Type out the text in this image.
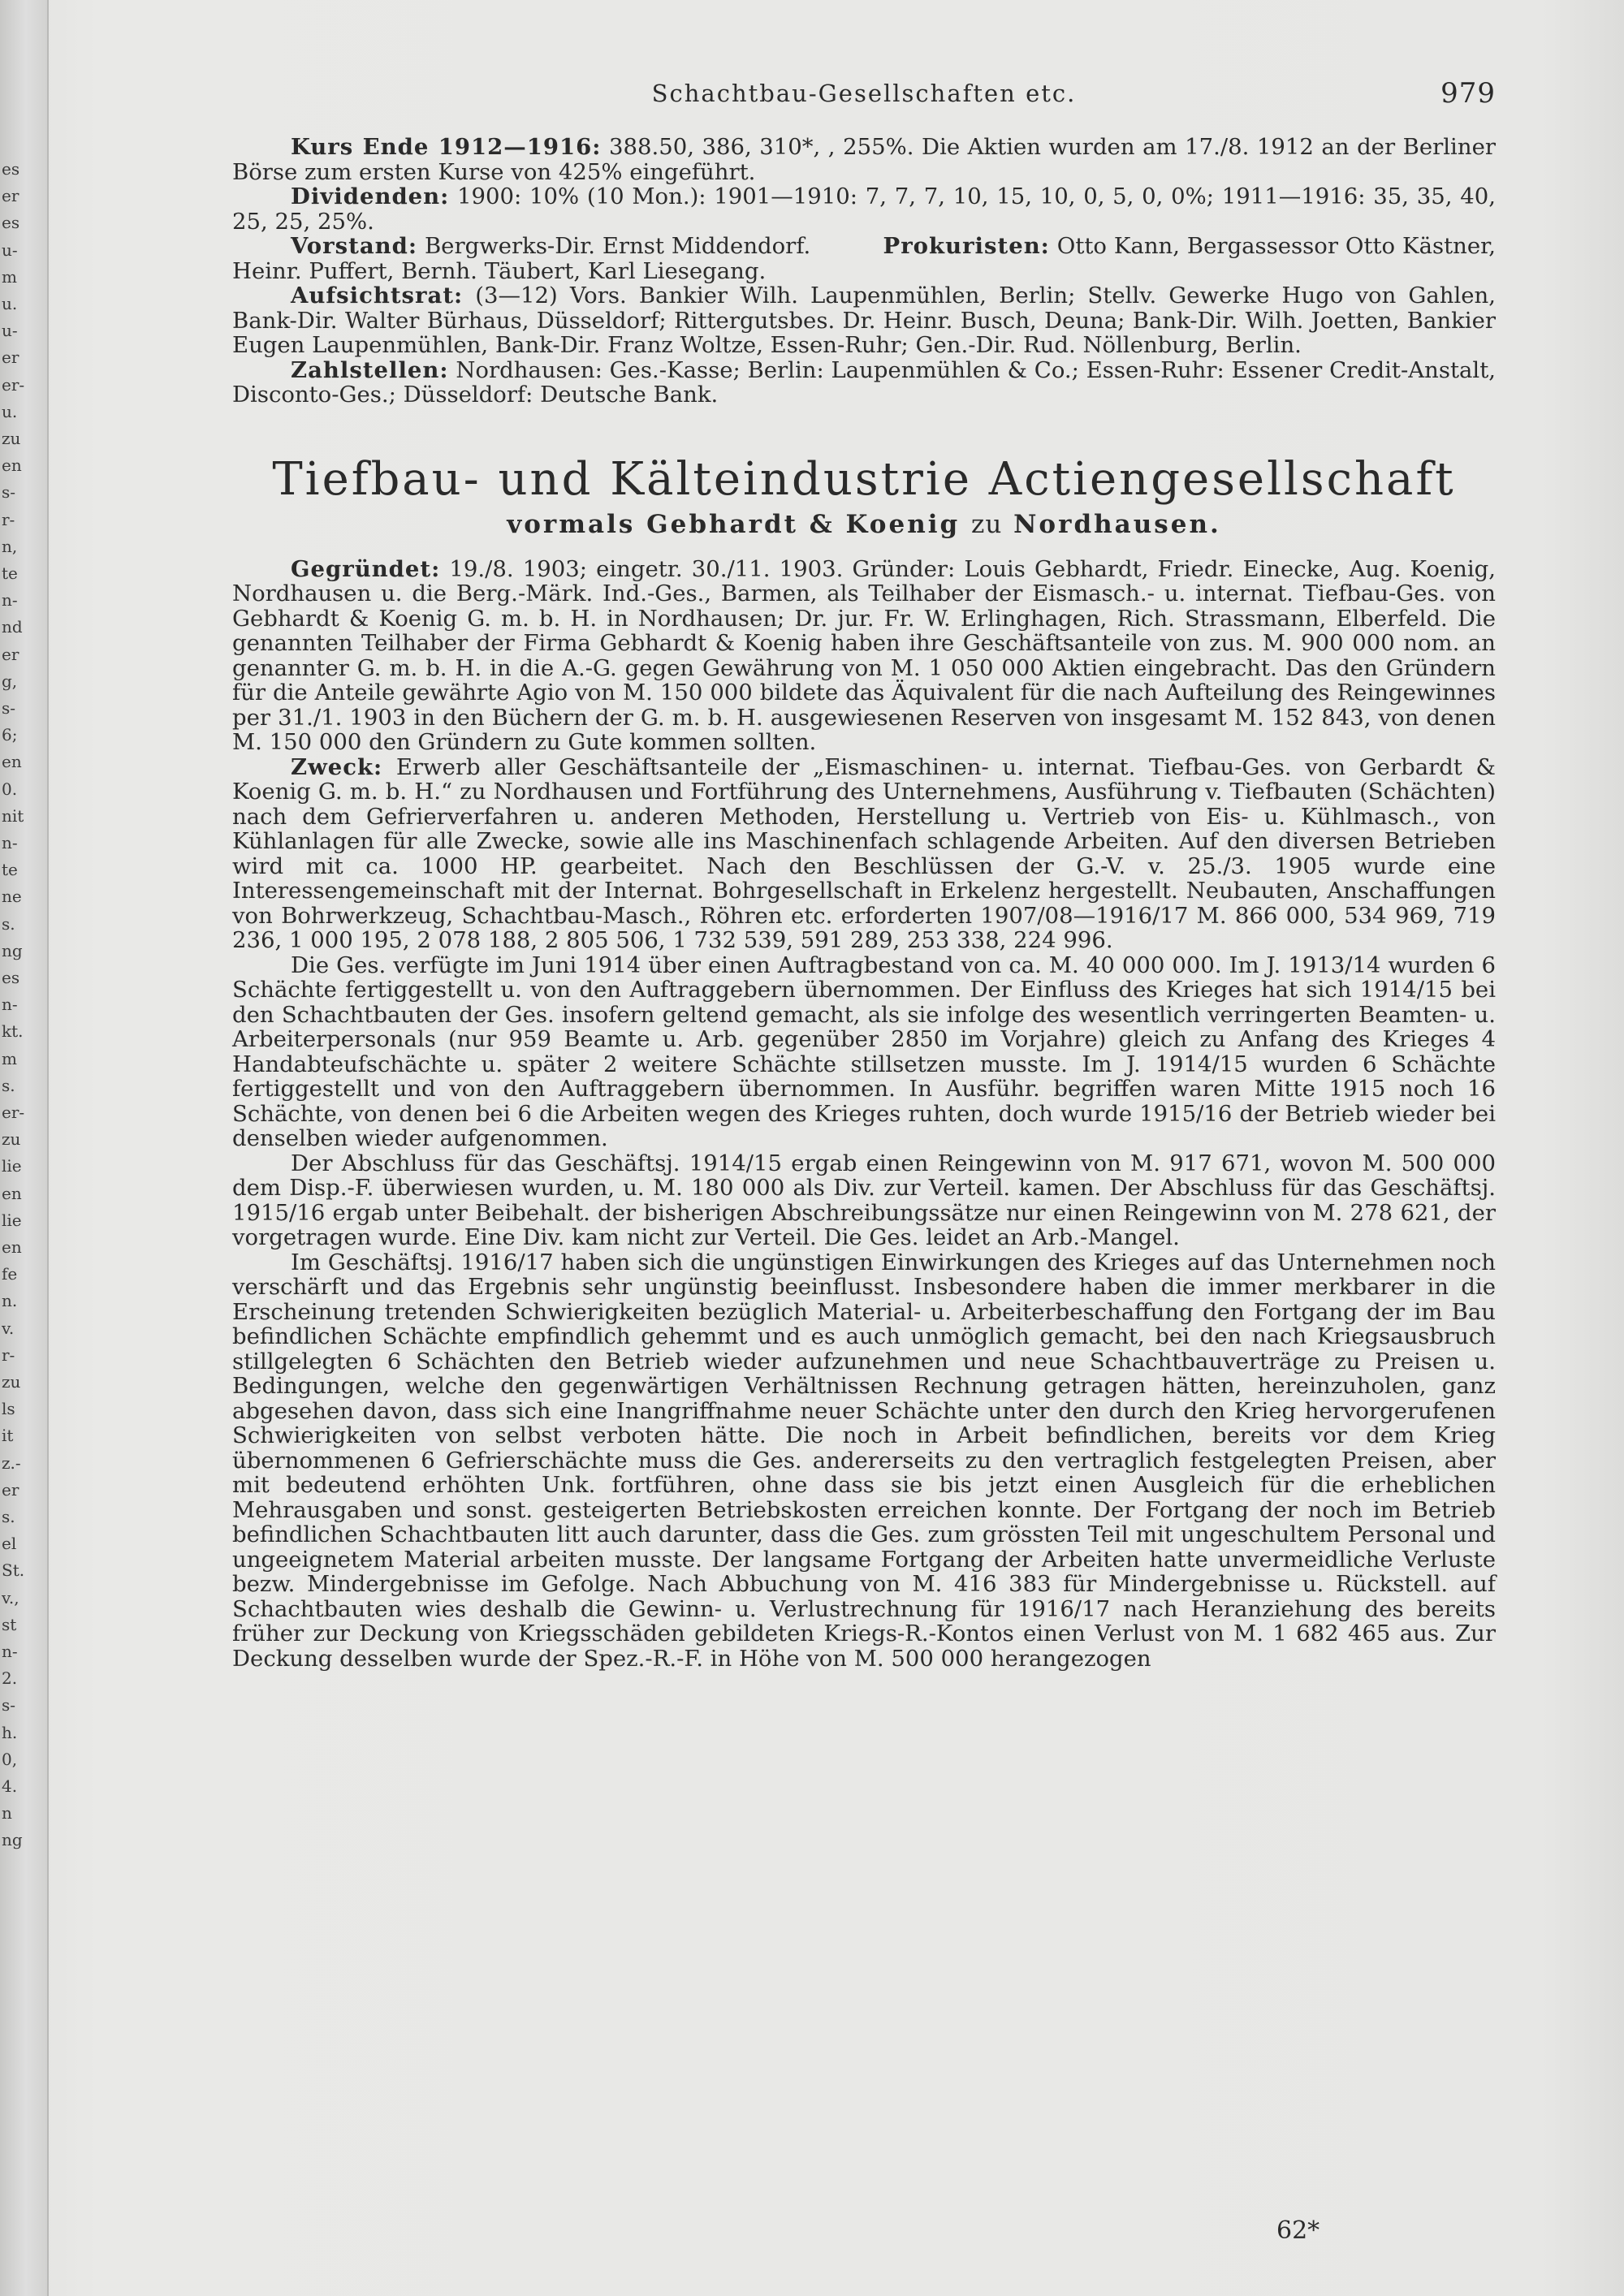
es
er
es
u-
m
u.
u-
er
er-
u.
zu
en
s-
r-
n,
te
n-
nd
er
g,
s-
6;
en
0.
nit
n-
te
ne
s.
ng
es
n-
kt.
m
s.
er-
zu
lie
en
lie
en
fe
n.
v.
r-
zu
ls
it
z.-
er
s.
el
St.
v.,
st
n-
2.
s-
h.
0,
4.
n
ng
Schachtbau-Gesellschaften etc.	979

Kurs Ende 1912—1916: 388.50, 386, 310*, , 255%. Die Aktien wurden am 17./8. 1912 an der Berliner Börse zum ersten Kurse von 425% eingeführt.

Dividenden: 1900: 10% (10 Mon.): 1901—1910: 7, 7, 7, 10, 15, 10, 0, 5, 0, 0%; 1911—1916: 35, 35, 40, 25, 25, 25%.

Vorstand: Bergwerks-Dir. Ernst Middendorf.	Prokuristen: Otto Kann, Bergassessor Otto Kästner, Heinr. Puffert, Bernh. Täubert, Karl Liesegang.

Aufsichtsrat: (3—12) Vors. Bankier Wilh. Laupenmühlen, Berlin; Stellv. Gewerke Hugo von Gahlen, Bank-Dir. Walter Bürhaus, Düsseldorf; Rittergutsbes. Dr. Heinr. Busch, Deuna; Bank-Dir. Wilh. Joetten, Bankier Eugen Laupenmühlen, Bank-Dir. Franz Woltze, Essen-Ruhr; Gen.-Dir. Rud. Nöllenburg, Berlin.

Zahlstellen: Nordhausen: Ges.-Kasse; Berlin: Laupenmühlen & Co.; Essen-Ruhr: Essener Credit-Anstalt, Disconto-Ges.; Düsseldorf: Deutsche Bank.

Tiefbau- und Kälteindustrie Actiengesellschaft
vormals Gebhardt & Koenig zu Nordhausen.

Gegründet: 19./8. 1903; eingetr. 30./11. 1903. Gründer: Louis Gebhardt, Friedr. Einecke, Aug. Koenig, Nordhausen u. die Berg.-Märk. Ind.-Ges., Barmen, als Teilhaber der Eismasch.- u. internat. Tiefbau-Ges. von Gebhardt & Koenig G. m. b. H. in Nordhausen; Dr. jur. Fr. W. Erlinghagen, Rich. Strassmann, Elberfeld. Die genannten Teilhaber der Firma Gebhardt & Koenig haben ihre Geschäftsanteile von zus. M. 900 000 nom. an genannter G. m. b. H. in die A.-G. gegen Gewährung von M. 1 050 000 Aktien eingebracht. Das den Gründern für die Anteile gewährte Agio von M. 150 000 bildete das Äquivalent für die nach Aufteilung des Reingewinnes per 31./1. 1903 in den Büchern der G. m. b. H. ausgewiesenen Reserven von insgesamt M. 152 843, von denen M. 150 000 den Gründern zu Gute kommen sollten.

Zweck: Erwerb aller Geschäftsanteile der „Eismaschinen- u. internat. Tiefbau-Ges. von Gerbardt & Koenig G. m. b. H.“ zu Nordhausen und Fortführung des Unternehmens, Ausführung v. Tiefbauten (Schächten) nach dem Gefrierverfahren u. anderen Methoden, Herstellung u. Vertrieb von Eis- u. Kühlmasch., von Kühlanlagen für alle Zwecke, sowie alle ins Maschinenfach schlagende Arbeiten. Auf den diversen Betrieben wird mit ca. 1000 HP. gearbeitet. Nach den Beschlüssen der G.-V. v. 25./3. 1905 wurde eine Interessengemeinschaft mit der Internat. Bohrgesellschaft in Erkelenz hergestellt. Neubauten, Anschaffungen von Bohrwerkzeug, Schachtbau-Masch., Röhren etc. erforderten 1907/08—1916/17 M. 866 000, 534 969, 719 236, 1 000 195, 2 078 188, 2 805 506, 1 732 539, 591 289, 253 338, 224 996.

Die Ges. verfügte im Juni 1914 über einen Auftragbestand von ca. M. 40 000 000. Im J. 1913/14 wurden 6 Schächte fertiggestellt u. von den Auftraggebern übernommen. Der Einfluss des Krieges hat sich 1914/15 bei den Schachtbauten der Ges. insofern geltend gemacht, als sie infolge des wesentlich verringerten Beamten- u. Arbeiterpersonals (nur 959 Beamte u. Arb. gegenüber 2850 im Vorjahre) gleich zu Anfang des Krieges 4 Handabteufschächte u. später 2 weitere Schächte stillsetzen musste. Im J. 1914/15 wurden 6 Schächte fertiggestellt und von den Auftraggebern übernommen. In Ausführ. begriffen waren Mitte 1915 noch 16 Schächte, von denen bei 6 die Arbeiten wegen des Krieges ruhten, doch wurde 1915/16 der Betrieb wieder bei denselben wieder aufgenommen.

Der Abschluss für das Geschäftsj. 1914/15 ergab einen Reingewinn von M. 917 671, wovon M. 500 000 dem Disp.-F. überwiesen wurden, u. M. 180 000 als Div. zur Verteil. kamen. Der Abschluss für das Geschäftsj. 1915/16 ergab unter Beibehalt. der bisherigen Abschreibungssätze nur einen Reingewinn von M. 278 621, der vorgetragen wurde. Eine Div. kam nicht zur Verteil. Die Ges. leidet an Arb.-Mangel.

Im Geschäftsj. 1916/17 haben sich die ungünstigen Einwirkungen des Krieges auf das Unternehmen noch verschärft und das Ergebnis sehr ungünstig beeinflusst. Insbesondere haben die immer merkbarer in die Erscheinung tretenden Schwierigkeiten bezüglich Material- u. Arbeiterbeschaffung den Fortgang der im Bau befindlichen Schächte empfindlich gehemmt und es auch unmöglich gemacht, bei den nach Kriegsausbruch stillgelegten 6 Schächten den Betrieb wieder aufzunehmen und neue Schachtbauverträge zu Preisen u. Bedingungen, welche den gegenwärtigen Verhältnissen Rechnung getragen hätten, hereinzuholen, ganz abgesehen davon, dass sich eine Inangriffnahme neuer Schächte unter den durch den Krieg hervorgerufenen Schwierigkeiten von selbst verboten hätte. Die noch in Arbeit befindlichen, bereits vor dem Krieg übernommenen 6 Gefrierschächte muss die Ges. andererseits zu den vertraglich festgelegten Preisen, aber mit bedeutend erhöhten Unk. fortführen, ohne dass sie bis jetzt einen Ausgleich für die erheblichen Mehrausgaben und sonst. gesteigerten Betriebskosten erreichen konnte. Der Fortgang der noch im Betrieb befindlichen Schachtbauten litt auch darunter, dass die Ges. zum grössten Teil mit ungeschultem Personal und ungeeignetem Material arbeiten musste. Der langsame Fortgang der Arbeiten hatte unvermeidliche Verluste bezw. Mindergebnisse im Gefolge. Nach Abbuchung von M. 416 383 für Mindergebnisse u. Rückstell. auf Schachtbauten wies deshalb die Gewinn- u. Verlustrechnung für 1916/17 nach Heranziehung des bereits früher zur Deckung von Kriegsschäden gebildeten Kriegs-R.-Kontos einen Verlust von M. 1 682 465 aus. Zur Deckung desselben wurde der Spez.-R.-F. in Höhe von M. 500 000 herangezogen

62*
